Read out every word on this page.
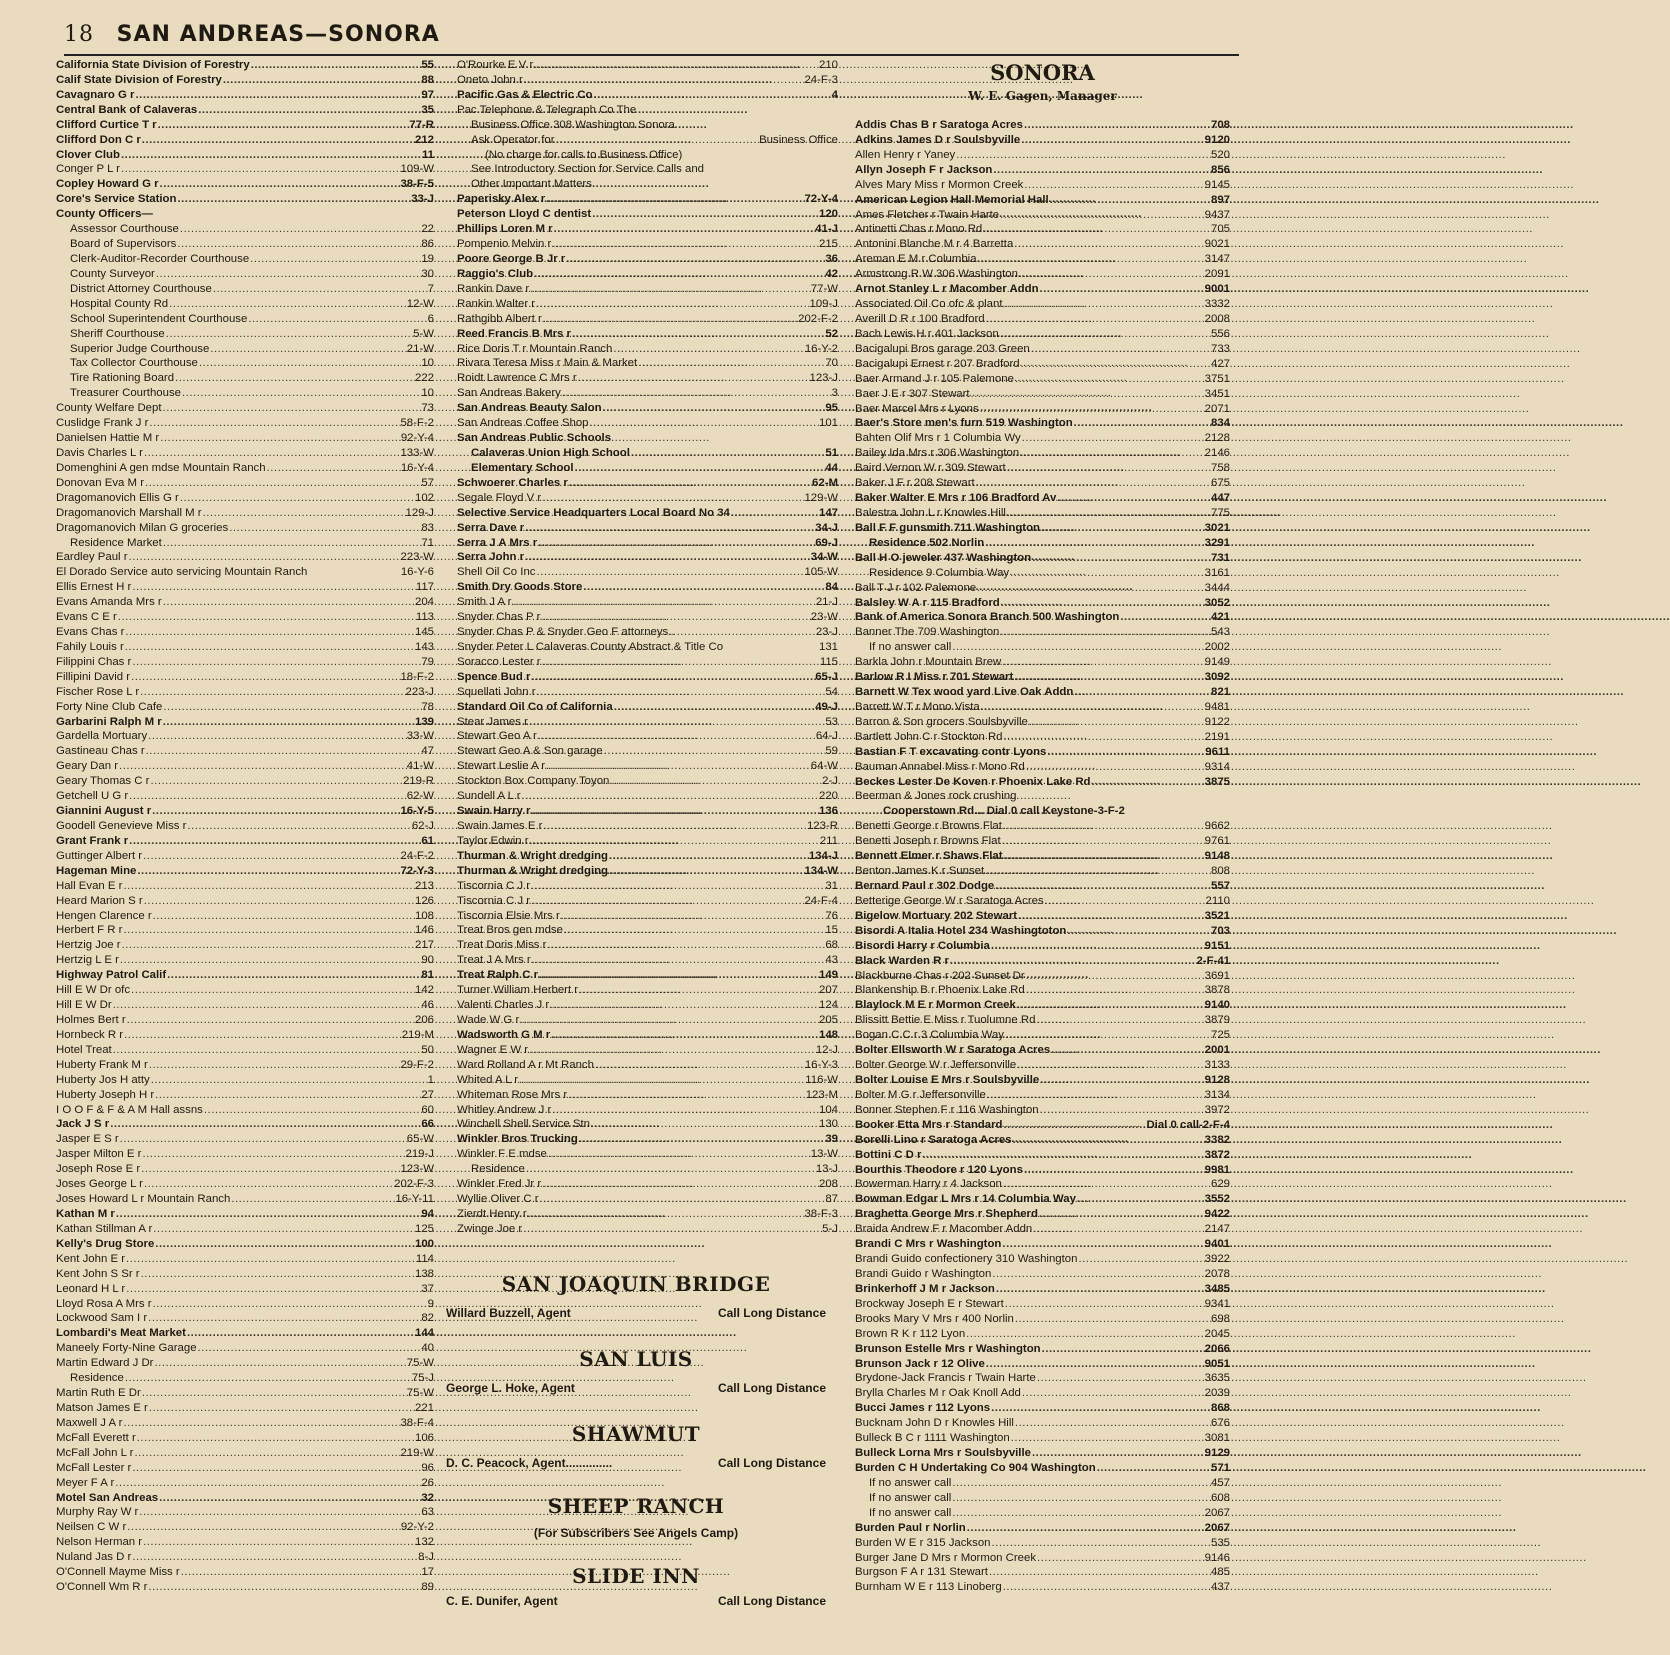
18 SAN ANDREAS—SONORA
California State Division of Forestry .....	55
Calif State Division of Forestry .....	88
Cavagnaro G r .....	97
Central Bank of Calaveras .....	35
Clifford Curtice T r .....	77-R
Clifford Don C r .....	212
Clover Club .....	11
Conger P L r .....	109-W
Copley Howard G r .....	38-F-5
Core's Service Station .....	33-J
County Officers—
Assessor Courthouse .....	22
Board of Supervisors .....	86
Clerk-Auditor-Recorder Courthouse .....	19
County Surveyor .....	30
District Attorney Courthouse .....	7
Hospital County Rd .....	12-W
School Superintendent Courthouse .....	6
Sheriff Courthouse .....	5-W
Superior Judge Courthouse .....	21-W
Tax Collector Courthouse .....	10
Tire Rationing Board .....	222
Treasurer Courthouse .....	10
County Welfare Dept .....	73
Cuslidge Frank J r .....	58-F-2
Danielsen Hattie M r .....	92-Y-4
Davis Charles L r .....	133-W
Domenghini A gen mdse Mountain Ranch .....	16-Y-4
Donovan Eva M r .....	57
Dragomanovich Ellis G r .....	102
Dragomanovich Marshall M r .....	129-J
Dragomanovich Milan G groceries .....	83
Residence Market .....	71
Eardley Paul r .....	223-W
El Dorado Service auto servicing Mountain Ranch	16-Y-6
Ellis Ernest H r .....	117
Evans Amanda Mrs r .....	204
Evans C E r .....	113
Evans Chas r .....	145
Fahily Louis r .....	143
Filippini Chas r .....	79
Fillipini David r .....	18-F-2
Fischer Rose L r .....	223-J
Forty Nine Club Cafe .....	78
Garbarini Ralph M r .....	139
Gardella Mortuary .....	33-W
Gastineau Chas r .....	47
Geary Dan r .....	41-W
Geary Thomas C r .....	219-R
Getchell U G r .....	62-W
Giannini August r .....	16-Y-5
Goodell Genevieve Miss r .....	62-J
Grant Frank r .....	61
Guttinger Albert r .....	24-F-2
Hageman Mine .....	72-Y-3
Hall Evan E r .....	213
Heard Marion S r .....	126
Hengen Clarence r .....	108
Herbert F R r .....	146
Hertzig Joe r .....	217
Hertzig L E r .....	90
Highway Patrol Calif .....	81
Hill E W Dr ofc .....	142
Hill E W Dr .....	46
Holmes Bert r .....	206
Hornbeck R r .....	219-M
Hotel Treat .....	50
Huberty Frank M r .....	29-F-2
Huberty Jos H atty .....	1
Huberty Joseph H r .....	27
I O O F & F & A M Hall assns .....	60
Jack J S r .....	66
Jasper E S r .....	65-W
Jasper Milton E r .....	219-J
Joseph Rose E r .....	123-W
Joses George L r .....	202-F-3
Joses Howard L r Mountain Ranch .....	16-Y-11
Kathan M r .....	94
Kathan Stillman A r .....	125
Kelly's Drug Store .....	100
Kent John E r .....	114
Kent John S Sr r .....	138
Leonard H L r .....	37
Lloyd Rosa A Mrs r .....	9
Lockwood Sam I r .....	82
Lombardi's Meat Market .....	144
Maneely Forty-Nine Garage .....	40
Martin Edward J Dr .....	75-W
Residence .....	75-J
Martin Ruth E Dr .....	75-W
Matson James E r .....	221
Maxwell J A r .....	38-F-4
McFall Everett r .....	106
McFall John L r .....	219-W
McFall Lester r .....	96
Meyer F A r .....	26
Motel San Andreas .....	32
Murphy Ray W r .....	63
Neilsen C W r .....	92-Y-2
Nelson Herman r .....	132
Nuland Jas D r .....	8-J
O'Connell Mayme Miss r .....	17
O'Connell Wm R r .....	89
O'Rourke E V r .....	210
Oneto John r .....	24-F-3
Pacific Gas & Electric Co .....	4
Pac Telephone & Telegraph Co The
Business Office 308 Washington Sonora
Ask Operator for .....	Business Office
(No charge for calls to Business Office)
See Introductory Section for Service Calls and
Other Important Matters
Paperisky Alex r .....	72-Y-4
Peterson Lloyd C dentist .....	120
Phillips Loren M r .....	41-J
Pompenio Melvin r .....	215
Poore George B Jr r .....	36
Raggio's Club .....	42
Rankin Dave r .....	77-W
Rankin Walter r .....	109-J
Rathgibb Albert r .....	202-F-2
Reed Francis B Mrs r .....	52
Rice Doris T r Mountain Ranch .....	16-Y-2
Rivara Teresa Miss r Main & Market .....	70
Roidt Lawrence C Mrs r .....	123-J
San Andreas Bakery .....	3
San Andreas Beauty Salon .....	95
San Andreas Coffee Shop .....	101
San Andreas Public Schools
Calaveras Union High School .....	51
Elementary School .....	44
Schwoerer Charles r .....	62-M
Segale Floyd V r .....	129-W
Selective Service Headquarters Local Board No 34 .....	147
Serra Dave r .....	34-J
Serra J A Mrs r .....	69-J
Serra John r .....	34-W
Shell Oil Co Inc .....	105-W
Smith Dry Goods Store .....	84
Smith J A r .....	21-J
Snyder Chas P r .....	23-W
Snyder Chas P & Snyder Geo F attorneys .....	23-J
Snyder Peter L Calaveras County Abstract & Title Co	131
Soracco Lester r .....	115
Spence Bud r .....	65-J
Squellati John r .....	54
Standard Oil Co of California .....	49-J
Stear James r .....	53
Stewart Geo A r .....	64-J
Stewart Geo A & Son garage .....	59
Stewart Leslie A r .....	64-W
Stockton Box Company Toyon .....	2-J
Sundell A L r .....	220
Swain Harry r .....	136
Swain James E r .....	123-R
Taylor Edwin r .....	211
Thurman & Wright dredging .....	134-J
Thurman & Wright dredging .....	134-W
Tiscornia C J r .....	31
Tiscornia C J r .....	24-F-4
Tiscornia Elsie Mrs r .....	76
Treat Bros gen mdse .....	15
Treat Doris Miss r .....	68
Treat J A Mrs r .....	43
Treat Ralph C r .....	149
Turner William Herbert r .....	207
Valenti Charles J r .....	124
Wade W G r .....	205
Wadsworth G M r .....	148
Wagner E W r .....	12-J
Ward Rolland A r Mt Ranch .....	16-Y-3
Whited A L r .....	116-W
Whiteman Rose Mrs r .....	123-M
Whitley Andrew J r .....	104
Winchell Shell Service Stn .....	130
Winkler Bros Trucking .....	39
Winkler F E mdse .....	13-W
Residence .....	13-J
Winkler Fred Jr r .....	208
Wyllie Oliver C r .....	87
Zierdt Henry r .....	38-F-3
Zwinge Joe r .....	5-J
SAN JOAQUIN BRIDGE
Willard Buzzell, Agent	Call Long Distance
SAN LUIS
George L. Hoke, Agent	Call Long Distance
SHAWMUT
D. C. Peacock, Agent..............	Call Long Distance
SHEEP RANCH
(For Subscribers See Angels Camp)
SLIDE INN
C. E. Dunifer, Agent	Call Long Distance
SONORA
W. E. Gagen, Manager
Addis Chas B r Saratoga Acres .....	708
Adkins James D r Soulsbyville .....	9120
Allen Henry r Yaney .....	520
Allyn Joseph F r Jackson .....	856
Alves Mary Miss r Mormon Creek .....	9145
American Legion Hall Memorial Hall .....	897
Ames Fletcher r Twain Harte .....	9437
Antinetti Chas r Mono Rd .....	705
Antonini Blanche M r 4 Barretta .....	9021
Areman E M r Columbia .....	3147
Armstrong R W 306 Washington .....	2091
Arnot Stanley L r Macomber Addn .....	9001
Associated Oil Co ofc & plant .....	3332
Averill D R r 100 Bradford .....	2008
Bach Lewis H r 401 Jackson .....	556
Bacigalupi Bros garage 203 Green .....	733
Bacigalupi Ernest r 207 Bradford .....	427
Baer Armand J r 105 Palemone .....	3751
Baer J E r 307 Stewart .....	3451
Baer Marcel Mrs r Lyons .....	2071
Baer's Store men's furn 519 Washington .....	834
Bahten Olif Mrs r 1 Columbia Wy .....	2128
Bailey Ida Mrs r 306 Washington .....	2146
Baird Vernon W r 309 Stewart .....	758
Baker J F r 208 Stewart .....	675
Baker Walter E Mrs r 106 Bradford Av .....	447
Balestra John L r Knowles Hill .....	775
Ball F F gunsmith 711 Washington .....	3021
Residence 502 Norlin .....	3291
Ball H O jeweler 437 Washington .....	731
Residence 9 Columbia Way .....	3161
Ball T J r 102 Palemone .....	3444
Balsley W A r 115 Bradford .....	3052
Bank of America Sonora Branch 500 Washington .....	421
Banner The 709 Washington .....	543
If no answer call .....	2002
Barkla John r Mountain Brew .....	9149
Barlow R I Miss r 701 Stewart .....	3092
Barnett W Tex wood yard Live Oak Addn .....	821
Barrett W T r Mono Vista .....	9481
Barron & Son grocers Soulsbyville .....	9122
Bartlett John C r Stockton Rd .....	2191
Bastian F T excavating contr Lyons .....	9611
Bauman Annabel Miss r Mono Rd .....	9314
Beckes Lester De Koven r Phoenix Lake Rd .....	3875
Beerman & Jones rock crushing
Cooperstown Rd... Dial 0 call Keystone-3-F-2
Benetti George r Browns Flat .....	9662
Benetti Joseph r Browns Flat .....	9761
Bennett Elmer r Shaws Flat .....	9148
Benton James K r Sunset .....	808
Bernard Paul r 302 Dodge .....	557
Betterige George W r Saratoga Acres .....	2110
Bigelow Mortuary 202 Stewart .....	3521
Bisordi A Italia Hotel 234 Washingtoton .....	703
Bisordi Harry r Columbia .....	9151
Black Warden R r .....	2-F-41
Blackburne Chas r 202 Sunset Dr .....	3691
Blankenship B r Phoenix Lake Rd .....	3878
Blaylock M E r Mormon Creek .....	9140
Blissitt Bettie E Miss r Tuolumne Rd .....	3879
Bogan C C r 3 Columbia Way .....	725
Bolter Ellsworth W r Saratoga Acres .....	2001
Bolter George W r Jeffersonville .....	3133
Bolter Louise E Mrs r Soulsbyville .....	9128
Bolter M G r Jeffersonville .....	3134
Bonner Stephen F r 116 Washington .....	3972
Booker Etta Mrs r Standard .....	Dial 0 call-2-F-4
Borelli Lino r Saratoga Acres .....	3382
Bottini C D r .....	3872
Bourthis Theodore r 120 Lyons .....	9981
Bowerman Harry r 4 Jackson .....	629
Bowman Edgar L Mrs r 14 Columbia Way .....	3552
Braghetta George Mrs r Shepherd .....	9422
Braida Andrew F r Macomber Addn .....	2147
Brandi C Mrs r Washington .....	9401
Brandi Guido confectionery 310 Washington .....	3922
Brandi Guido r Washington .....	2078
Brinkerhoff J M r Jackson .....	3485
Brockway Joseph E r Stewart .....	9341
Brooks Mary V Mrs r 400 Norlin .....	698
Brown R K r 112 Lyon .....	2045
Brunson Estelle Mrs r Washington .....	2066
Brunson Jack r 12 Olive .....	9051
Brydone-Jack Francis r Twain Harte .....	3635
Brylla Charles M r Oak Knoll Add .....	2039
Bucci James r 112 Lyons .....	868
Bucknam John D r Knowles Hill .....	676
Bulleck B C r 1111 Washington .....	3081
Bulleck Lorna Mrs r Soulsbyville .....	9129
Burden C H Undertaking Co 904 Washington .....	571
If no answer call .....	457
If no answer call .....	608
If no answer call .....	2067
Burden Paul r Norlin .....	2067
Burden W E r 315 Jackson .....	535
Burger Jane D Mrs r Mormon Creek .....	9146
Burgson F A r 131 Stewart .....	485
Burnham W E r 113 Linoberg .....	437
